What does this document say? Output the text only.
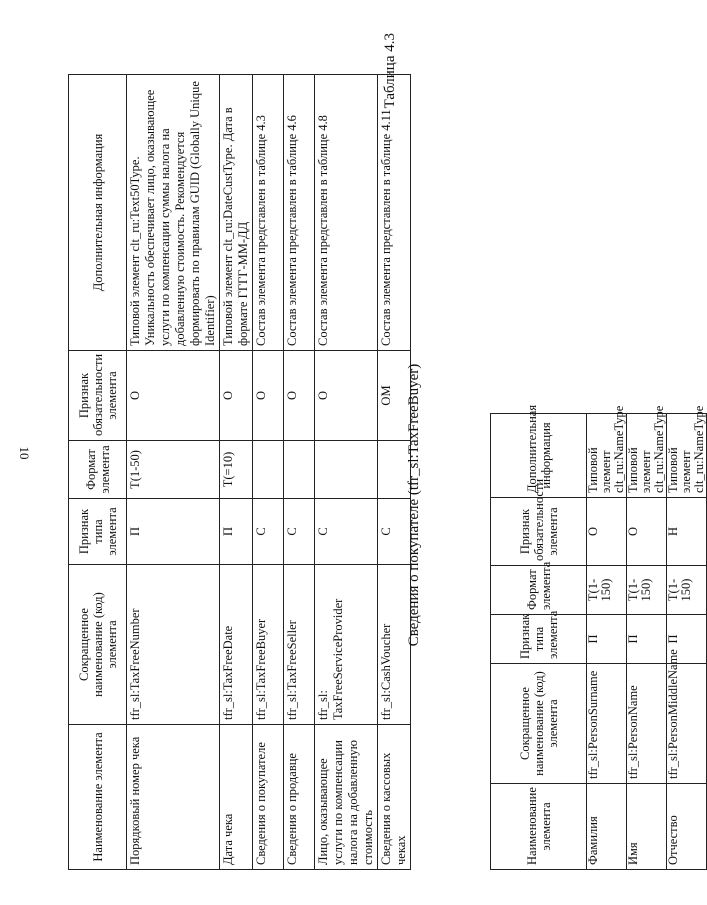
10
Наименование элемента	Сокращенное наименование (код) элемента	Признак типа элемента	Формат элемента	Признак обязательности элемента	Дополнительная информация
Порядковый номер чека	tfr_sl:TaxFreeNumber	П	T(1-50)	О	Типовой элемент clt_ru:Text50Type. Уникальность обеспечивает лицо, оказывающее услуги по компенсации суммы налога на добавленную стоимость. Рекомендуется формировать по правилам GUID (Globally Unique Identifier)
Дата чека	tfr_sl:TaxFreeDate	П	T(=10)	О	Типовой элемент clt_ru:DateCustType. Дата в формате ГГГГ-ММ-ДД
Сведения о покупателе	tfr_sl:TaxFreeBuyer	С		О	Состав элемента представлен в таблице 4.3
Сведения о продавце	tfr_sl:TaxFreeSeller	С		О	Состав элемента представлен в таблице 4.6
Лицо, оказывающее услуги по компенсации налога на добавленную стоимость	tfr_sl: TaxFreeServiceProvider	С		О	Состав элемента представлен в таблице 4.8
Сведения о кассовых чеках	tfr_sl:CashVoucher	С		ОМ	Состав элемента представлен в таблице 4.11
Таблица 4.3
Сведения о покупателе (tfr_sl:TaxFreeBuyer)
Наименование элемента	Сокращенное наименование (код) элемента	Признак типа элемента	Формат элемента	Признак обязательности элемента	Дополнительная информация
Фамилия	tfr_sl:PersonSurname	П	T(1-150)	О	Типовой элемент clt_ru:NameType
Имя	tfr_sl:PersonName	П	T(1-150)	О	Типовой элемент clt_ru:NameType
Отчество	tfr_sl:PersonMiddleName	П	T(1-150)	Н	Типовой элемент clt_ru:NameType
